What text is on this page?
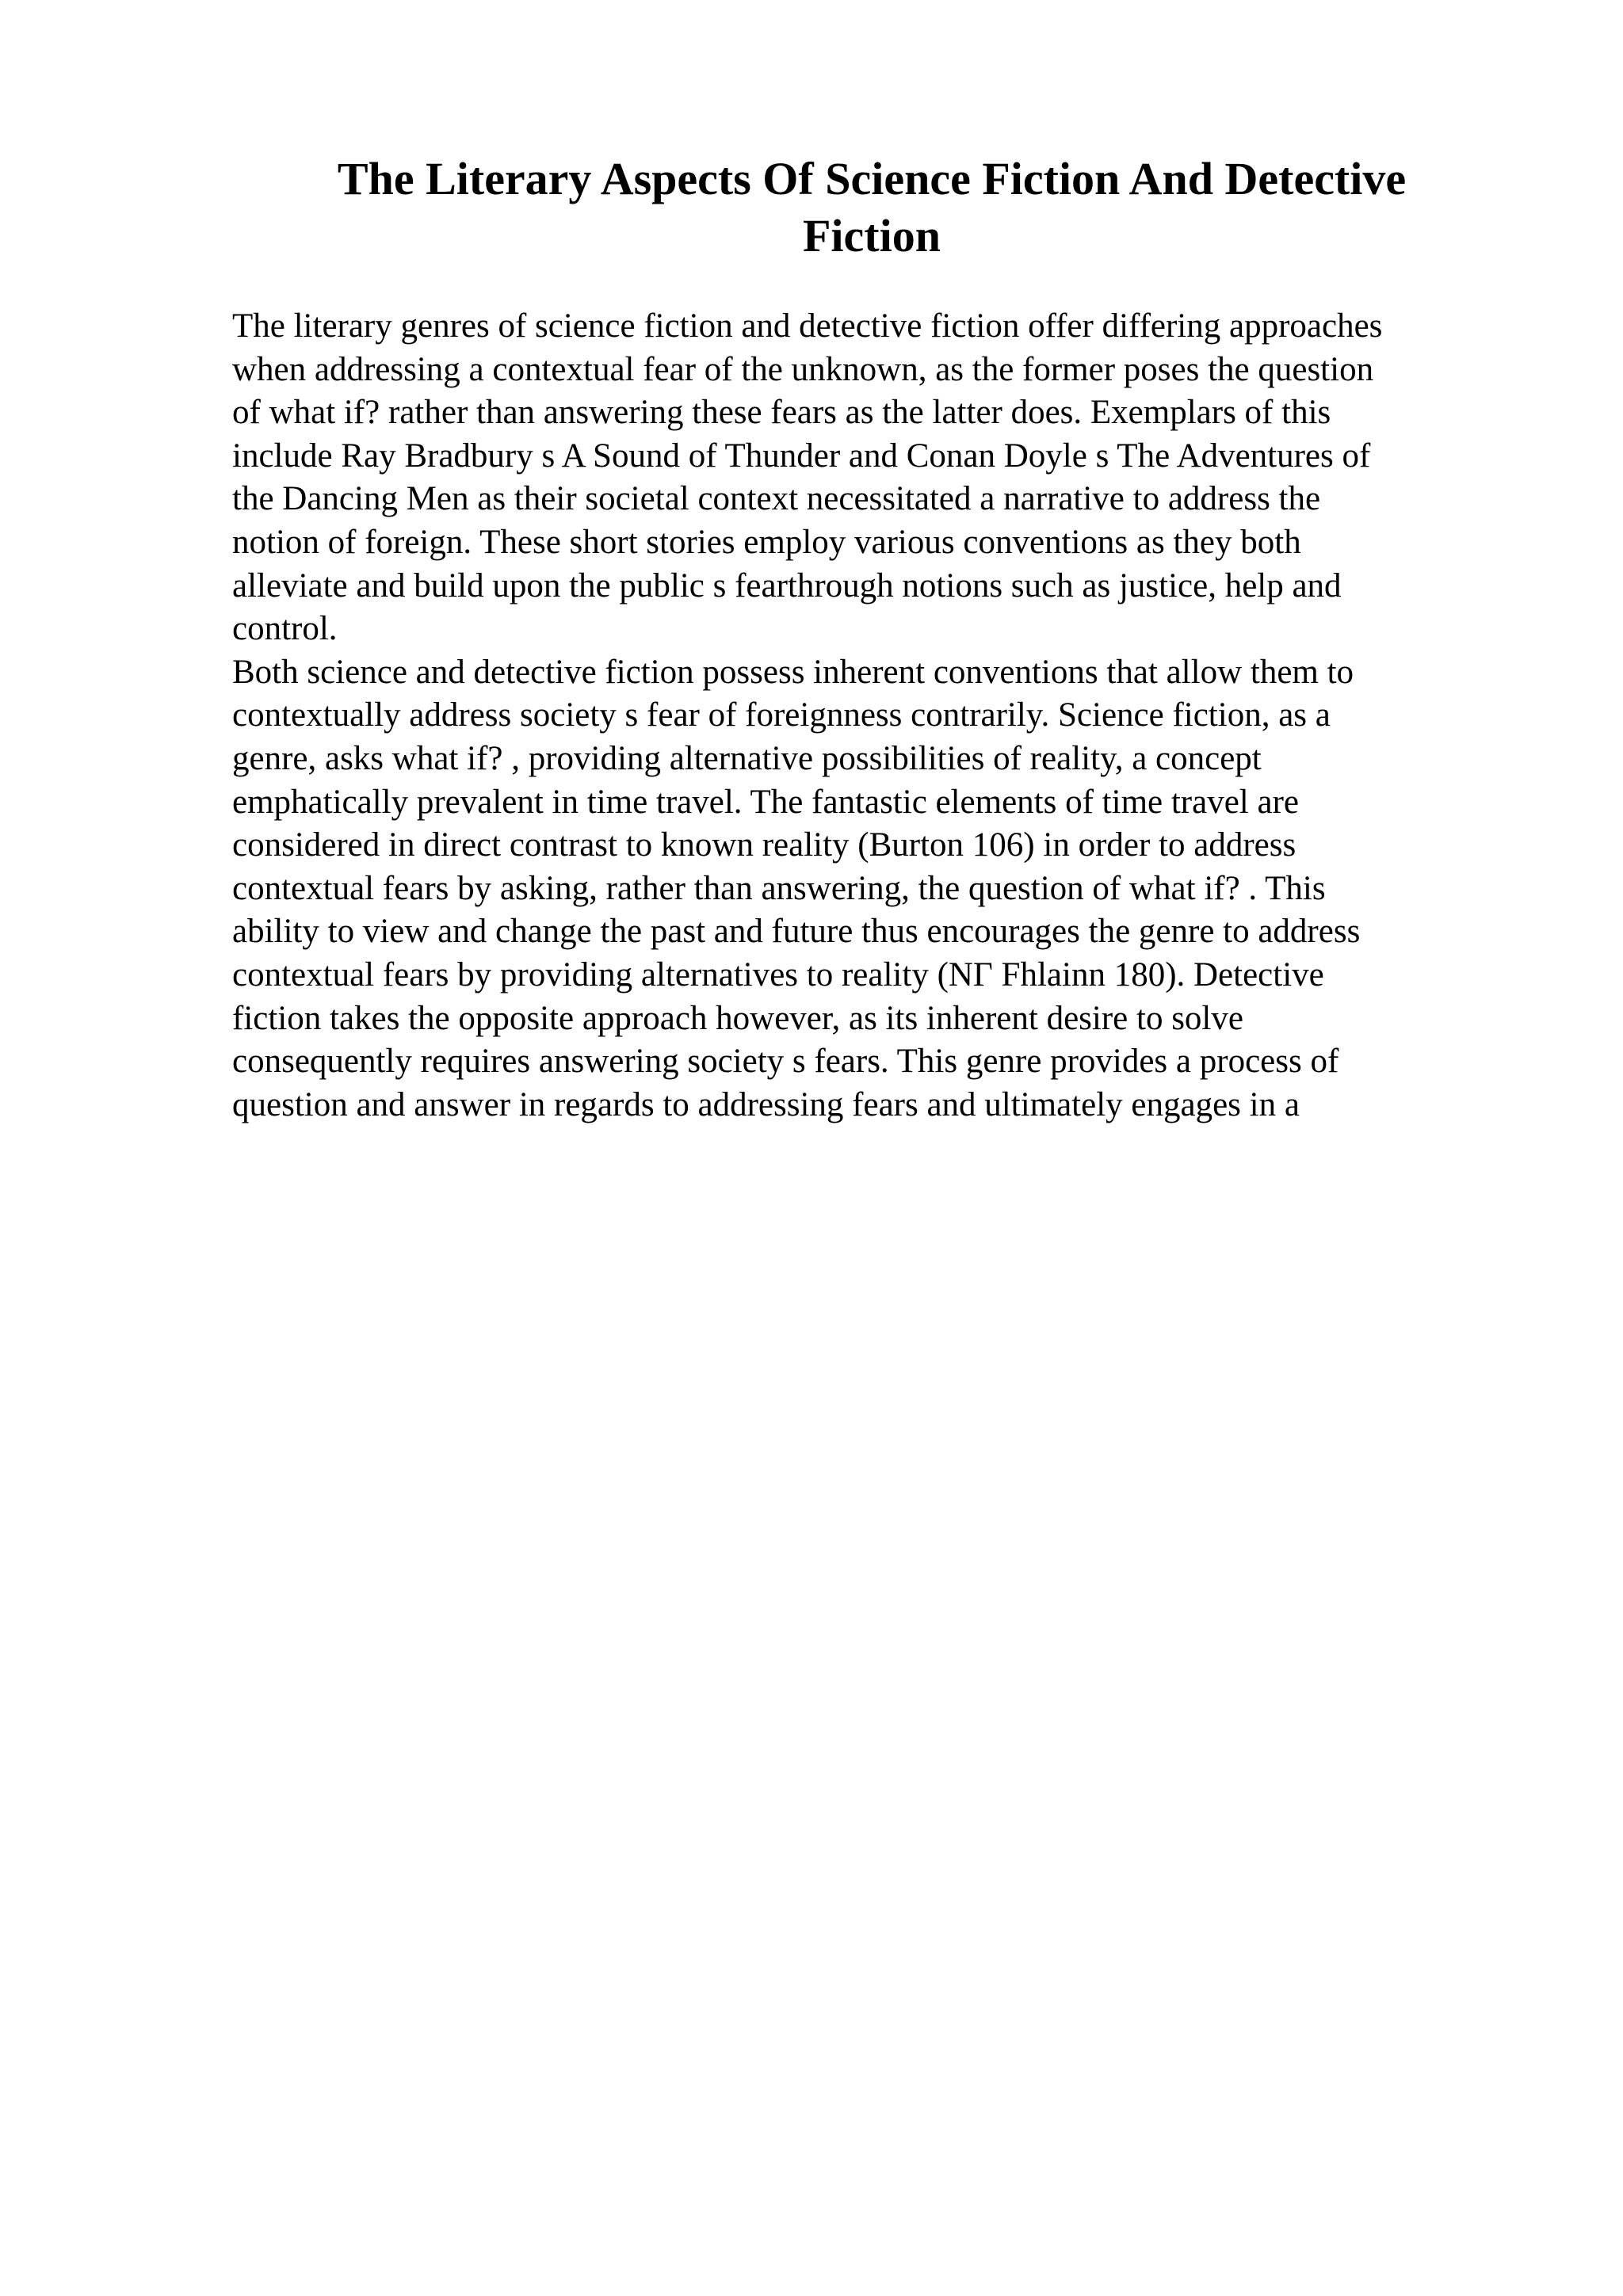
The Literary Aspects Of Science Fiction And Detective
Fiction
The literary genres of science fiction and detective fiction offer differing approaches
when addressing a contextual fear of the unknown, as the former poses the question
of what if? rather than answering these fears as the latter does. Exemplars of this
include Ray Bradbury s A Sound of Thunder and Conan Doyle s The Adventures of
the Dancing Men as their societal context necessitated a narrative to address the
notion of foreign. These short stories employ various conventions as they both
alleviate and build upon the public s fearthrough notions such as justice, help and
control.
Both science and detective fiction possess inherent conventions that allow them to
contextually address society s fear of foreignness contrarily. Science fiction, as a
genre, asks what if? , providing alternative possibilities of reality, a concept
emphatically prevalent in time travel. The fantastic elements of time travel are
considered in direct contrast to known reality (Burton 106) in order to address
contextual fears by asking, rather than answering, the question of what if? . This
ability to view and change the past and future thus encourages the genre to address
contextual fears by providing alternatives to reality (NΓ Fhlainn 180). Detective
fiction takes the opposite approach however, as its inherent desire to solve
consequently requires answering society s fears. This genre provides a process of
question and answer in regards to addressing fears and ultimately engages in a
